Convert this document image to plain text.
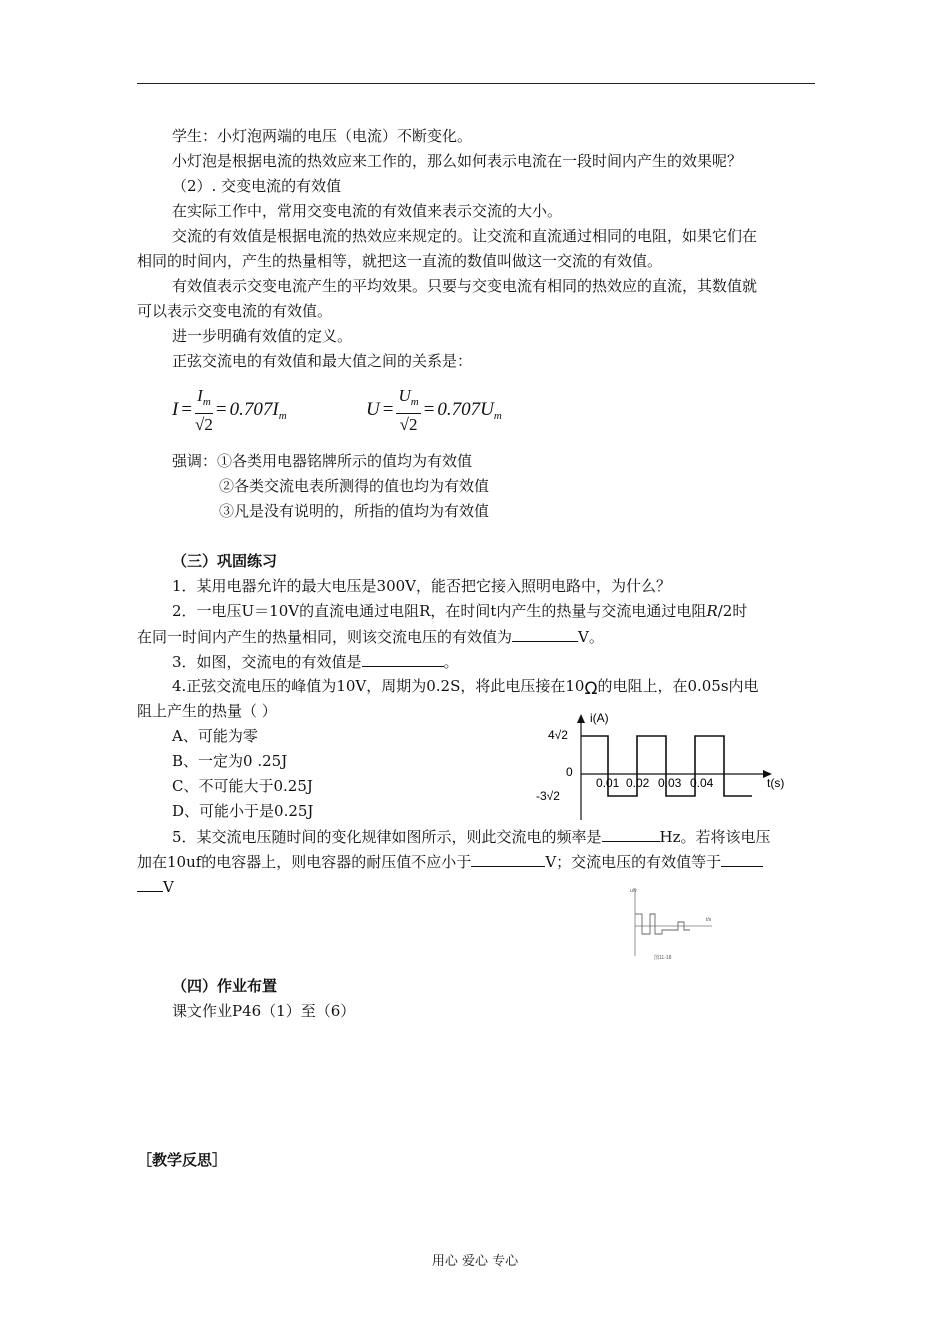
学生：小灯泡两端的电压（电流）不断变化。
小灯泡是根据电流的热效应来工作的，那么如何表示电流在一段时间内产生的效果呢？
（2）. 交变电流的有效值
在实际工作中，常用交变电流的有效值来表示交流的大小。
交流的有效值是根据电流的热效应来规定的。让交流和直流通过相同的电阻，如果它们在
相同的时间内，产生的热量相等，就把这一直流的数值叫做这一交流的有效值。
有效值表示交变电流产生的平均效果。只要与交变电流有相同的热效应的直流，其数值就
可以表示交变电流的有效值。
进一步明确有效值的定义。
正弦交流电的有效值和最大值之间的关系是：
$I = \frac{I_m}{√2} = 0.707I_m$	$U = \frac{U_m}{√2} = 0.707U_m$
强调：①各类用电器铭牌所示的值均为有效值
②各类交流电表所测得的值也均为有效值
③凡是没有说明的，所指的值均为有效值
（三）巩固练习
1．某用电器允许的最大电压是300V，能否把它接入照明电路中，为什么？
2．一电压U＝10V的直流电通过电阻R，在时间t内产生的热量与交流电通过电阻R/2时
在同一时间内产生的热量相同，则该交流电压的有效值为	V。
3．如图，交流电的有效值是	。
4.正弦交流电压的峰值为10V，周期为0.2S，将此电压接在10Ω的电阻上，在0.05s内电
阻上产生的热量（ ）
A、可能为零
B、一定为0 .25J
C、不可能大于0.25J
D、可能小于是0.25J
5．某交流电压随时间的变化规律如图所示，则此交流电的频率是	Hz。若将该电压
加在10uf的电容器上，则电容器的耐压值不应小于	V；交流电压的有效值等于
V
i(A)
4√2
0
-3√2
0.01 0.02 0.03 0.04	t(s)
u/v
t/s
图11-18
（四）作业布置
课文作业P46（1）至（6）
［教学反思］
用心 爱心 专心
